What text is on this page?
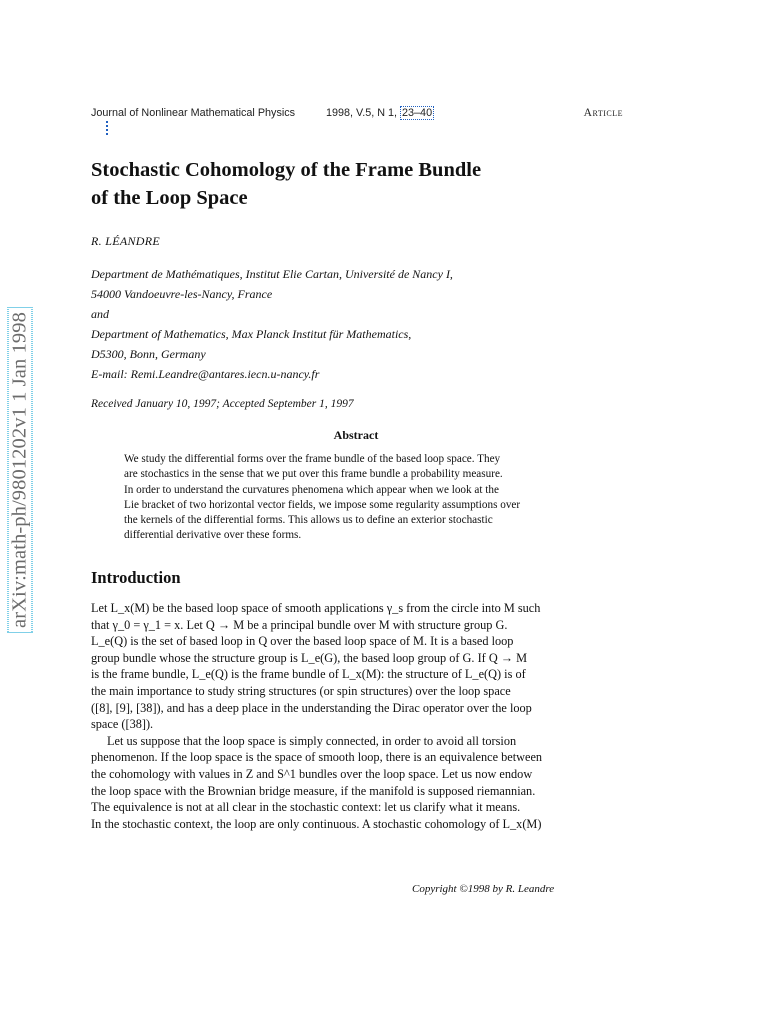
arXiv:math-ph/9801202v1 1 Jan 1998
Journal of Nonlinear Mathematical Physics	1998, V.5, N 1, 23–40	Article
Stochastic Cohomology of the Frame Bundle
of the Loop Space
R. LÉANDRE
Department de Mathématiques, Institut Elie Cartan, Université de Nancy I,
54000 Vandoeuvre-les-Nancy, France
and
Department of Mathematics, Max Planck Institut für Mathematics,
D5300, Bonn, Germany
E-mail: Remi.Leandre@antares.iecn.u-nancy.fr
Received January 10, 1997; Accepted September 1, 1997
Abstract
We study the differential forms over the frame bundle of the based loop space. They
are stochastics in the sense that we put over this frame bundle a probability measure.
In order to understand the curvatures phenomena which appear when we look at the
Lie bracket of two horizontal vector fields, we impose some regularity assumptions over
the kernels of the differential forms. This allows us to define an exterior stochastic
differential derivative over these forms.
Introduction
Let L_x(M) be the based loop space of smooth applications γ_s from the circle into M such
that γ_0 = γ_1 = x. Let Q → M be a principal bundle over M with structure group G.
L_e(Q) is the set of based loop in Q over the based loop space of M. It is a based loop
group bundle whose the structure group is L_e(G), the based loop group of G. If Q → M
is the frame bundle, L_e(Q) is the frame bundle of L_x(M): the structure of L_e(Q) is of
the main importance to study string structures (or spin structures) over the loop space
([8], [9], [38]), and has a deep place in the understanding the Dirac operator over the loop
space ([38]).
Let us suppose that the loop space is simply connected, in order to avoid all torsion
phenomenon. If the loop space is the space of smooth loop, there is an equivalence between
the cohomology with values in Z and S^1 bundles over the loop space. Let us now endow
the loop space with the Brownian bridge measure, if the manifold is supposed riemannian.
The equivalence is not at all clear in the stochastic context: let us clarify what it means.
In the stochastic context, the loop are only continuous. A stochastic cohomology of L_x(M)
Copyright ©1998 by R. Leandre
